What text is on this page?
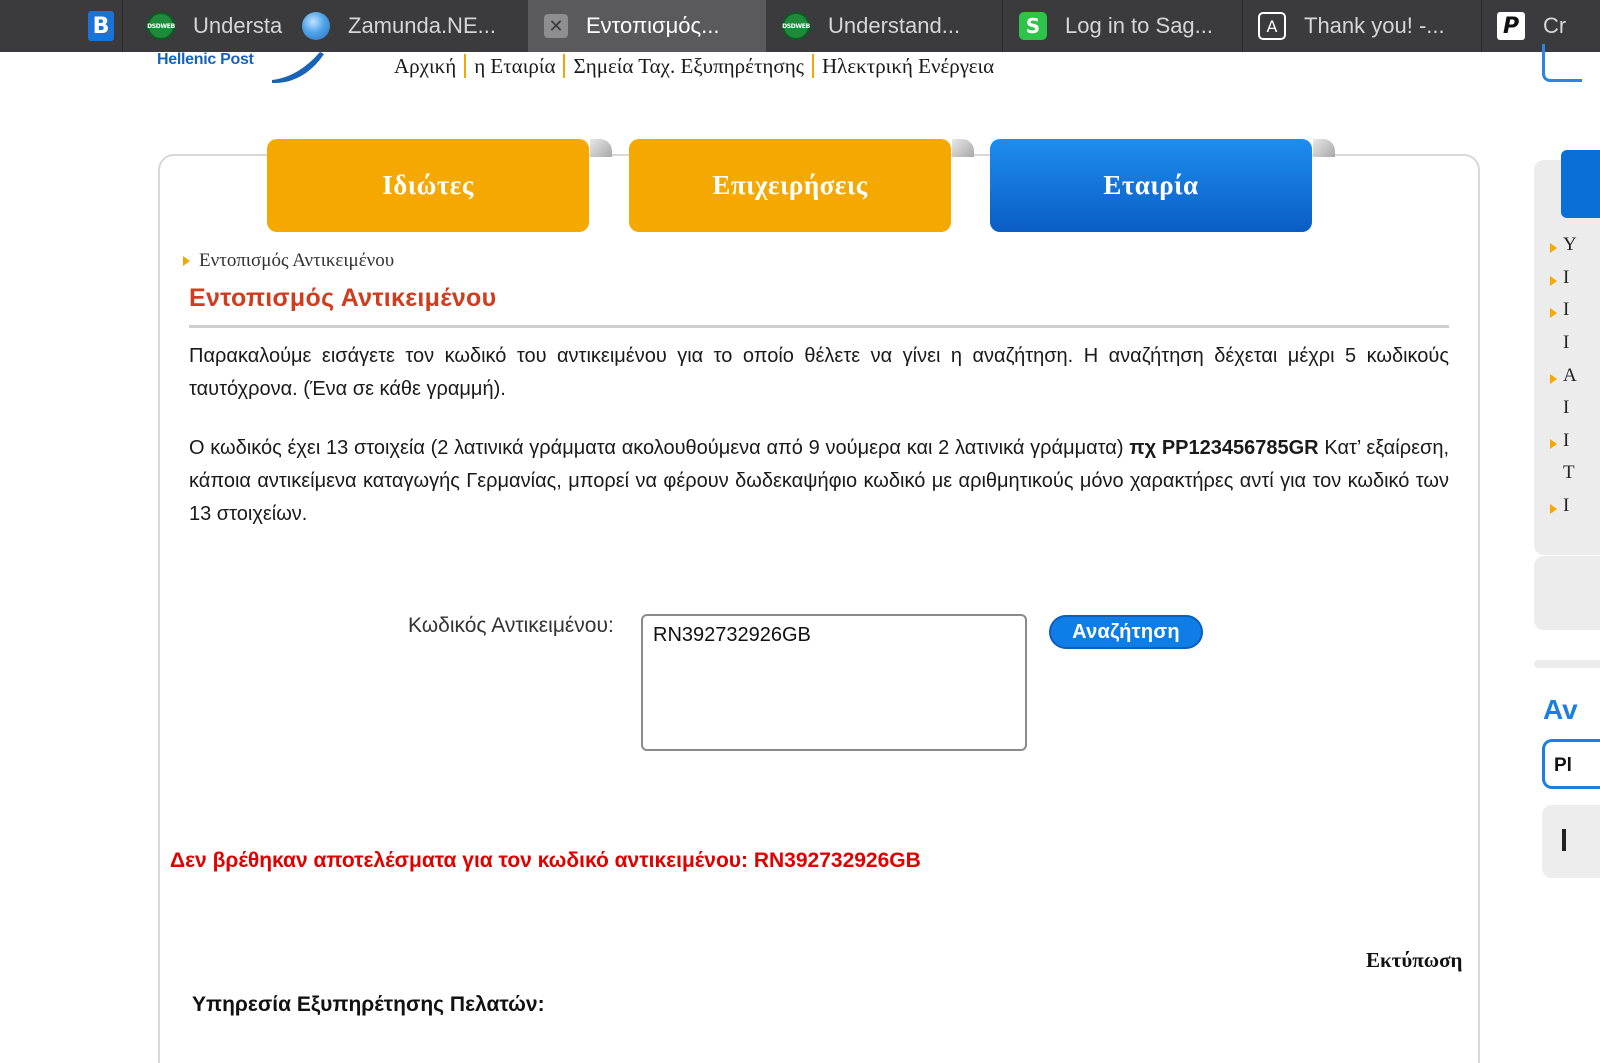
B	DSDWEB Understa	Zamunda.NE...	✕ Εντοπισμός...	DSDWEB Understand...	S	Log in to Sag...	A	Thank you! -...	P Cr
Hellenic Post	Αρχική η Εταιρία Σημεία Ταχ. Εξυπηρέτησης Ηλεκτρική Ενέργεια
Ιδιώτες	Επιχειρήσεις	Εταιρία
Εντοπισμός Αντικειμένου
Εντοπισμός Αντικειμένου
Παρακαλούμε εισάγετε τον κωδικό του αντικειμένου για το οποίο θέλετε να γίνει η αναζήτηση. Η αναζήτηση δέχεται μέχρι 5 κωδικούς ταυτόχρονα. (Ένα σε κάθε γραμμή).
Ο κωδικός έχει 13 στοιχεία (2 λατινικά γράμματα ακολουθούμενα από 9 νούμερα και 2 λατινικά γράμματα) πχ PP123456785GR Κατ’ εξαίρεση, κάποια αντικείμενα καταγωγής Γερμανίας, μπορεί να φέρουν δωδεκαψήφιο κωδικό με αριθμητικούς μόνο χαρακτήρες αντί για τον κωδικό των 13 στοιχείων.
Κωδικός Αντικειμένου:
RN392732926GB	Αναζήτηση
Δεν βρέθηκαν αποτελέσματα για τον κωδικό αντικειμένου: RN392732926GB
Εκτύπωση
Υπηρεσία Εξυπηρέτησης Πελατών:
Y
I
I
I
A
I
I
T
I
Av
Pl
